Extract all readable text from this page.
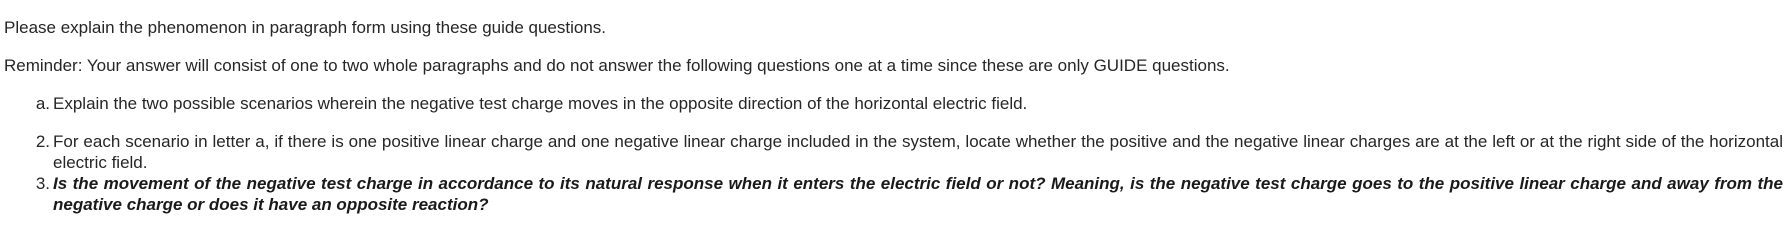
Please explain the phenomenon in paragraph form using these guide questions.

Reminder: Your answer will consist of one to two whole paragraphs and do not answer the following questions one at a time since these are only GUIDE questions.

a. Explain the two possible scenarios wherein the negative test charge moves in the opposite direction of the horizontal electric field.
2. For each scenario in letter a, if there is one positive linear charge and one negative linear charge included in the system, locate whether the positive and the negative linear charges are at the left or at the right side of the horizontal electric field.
3. Is the movement of the negative test charge in accordance to its natural response when it enters the electric field or not? Meaning, is the negative test charge goes to the positive linear charge and away from the negative charge or does it have an opposite reaction?
